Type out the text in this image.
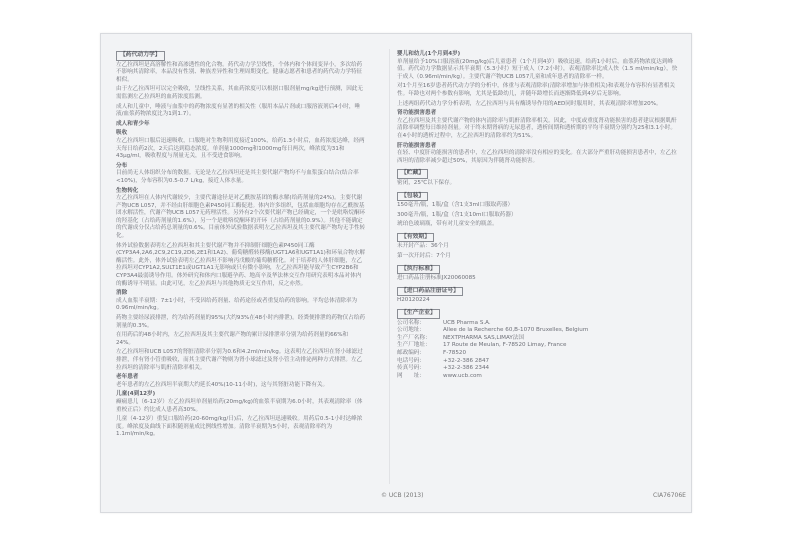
【药代动力学】

左乙拉西坦是高溶解性和高渗透性的化合物。药代动力学呈线性，个体内和个体间变异小，多次给药不影响其清除率，本品没有性别、种族差异性和生理周期变化，健康志愿者和患者的药代动力学特征相似。

由于左乙拉西坦可以完全吸收，呈线性关系，其血药浓度可以根据口服剂量mg/kg进行预测，因此无需监测左乙拉西坦的血药浓度监测。

成人和儿童中，唾液与血浆中的药物浓度有显著的相关性（服用本品片剂或口服溶液剂后4小时，唾液/血浆药物浓度比为1到1.7）。

成人和青少年
吸收

左乙拉西坦口服后迅速吸收，口服绝对生物利用度接近100%，给药1.3小时后，血药浓度达峰，经两天每日给药2次，2天后达到稳态浓度。单剂量1000mg和1000mg每日两次，峰浓度为31和43μg/ml，吸收程度与剂量无关，且不受进食影响。

分布

目前尚无人体组织分布的数据。无论是左乙拉西坦还是其主要代谢产物均不与血浆蛋白结合(结合率<10%)，分布容积为0.5-0.7 L/kg，接近人体水量。

生物转化

左乙拉西坦在人体内代谢较少，主要代谢途径是对乙酰胺基团的酶水解(给药剂量的24%)。主要代谢产物UCB L057，并不经由肝细胞色素P450同工酶促进。体内许多组织，包括血细胞均存在乙酰胺基团水解活性，代谢产物UCB L057无药理活性。另外有2个次要代谢产物已经确定，一个是吡咯烷酮环的羟基化（占给药剂量的1.6%），另一个是吡咯烷酮环的开环（占给药剂量的0.9%）。其他不能确定的代谢成分仅占给药总剂量的0.6%。目前体外试验数据表明左乙拉西坦及其主要代谢产物均无手性转化。

体外试验数据表明左乙拉西坦和其主要代谢产物并不抑制肝细胞色素P450同工酶(CYP3A4,2A6,2C9,2C19,2D6,2E1和1A2)、葡萄糖醛转移酶(UGT1A6和UGT1A1)和环氧合物水解酶活性。此外，体外试验表明左乙拉西坦不影响丙戊酸的葡萄糖醛化。对于培养的人体肝细胞，左乙拉西坦对CYP1A2,SULT1E1或UGT1A1无影响或只有微小影响，左乙拉西坦能导致产生CYP2B6和CYP3A4最弱诱导作用。体外研究和体内口服避孕药、地高辛及华法林交互作用研究表明本品对体内的酶诱导不明显。由此可见，左乙拉西坦与其他物质无交互作用，反之亦然。

消除

成人血浆半衰期：7±1小时，不受因给药剂量、给药途径或者重复给药的影响。平均总体清除率为0.96ml/min/kg。

药物主要经尿液排泄，约为给药剂量的95%(大约93%在48小时内排泄)。经粪便排泄的药物仅占给药剂量的0.3%。

在用药后的48小时内，左乙拉西坦及其主要代谢产物的累计尿排泄率分别为给药剂量的66%和24%。

左乙拉西坦和UCB L057的肾脏清除率分别为0.6和4.2ml/min/kg。这表明左乙拉西坦在肾小球滤过排泄，伴有肾小管重吸收，而其主要代谢产物则为肾小球滤过及肾小管主动排泌两种方式排泄。左乙拉西坦的清除率与肌酐清除率相关。

老年患者

老年患者的左乙拉西坦半衰期大约延长40%(10-11小时)，这与其肾脏功能下降有关。

儿童(4到12岁)

癫痫患儿（6-12岁）左乙拉西坦单剂量给药(20mg/kg)的血浆半衰期为6.0小时，其表观清除率（体重校正后）约比成人患者高30%。

儿童（4-12岁）重复口服给药(20-60mg/kg/日)后，左乙拉西坦迅速吸收。用药后0.5-1小时达峰浓度。峰浓度及曲线下面积随剂量成比例线性增加。清除半衰期为5小时，表观清除率约为1.1ml/min/kg。

婴儿和幼儿(1个月到4岁)

单剂量给予10%口服溶液(20mg/kg)后儿童患者（1个月到4岁）吸收迅速，给药1小时后，血浆药物浓度达到峰值。药代动力学数据显示其半衰期（5.3小时）短于成人（7.2小时），表观清除率比成人快（1.5 ml/min/kg），快于成人（0.96ml/min/kg）。主要代谢产物UCB L057儿童和成年患者的清除率一样。

对1个月至16岁患者药代动力学的分析中，体重与表观清除率(清除率增加与体重相关)和表观分布容积有显著相关性。年龄也对两个参数有影响，尤其是低龄幼儿，并随年龄增长而逐渐降低到4岁后无影响。

上述两组药代动力学分析表明，左乙拉西坦与具有酶诱导作用的AED同时服用时，其表观清除率增加20%。

肾功能损害患者

左乙拉西坦及其主要代谢产物的体内清除率与肌酐清除率相关。因此，中度或重度肾功能损害的患者建议根据肌酐清除率调整每日维持剂量。对于终末期肾病的无尿患者，透析间期和透析期的平均半衰期分别约为25和3.1小时。在4小时的透析过程中，左乙拉西坦的清除率约为51%。

肝功能损害患者

在轻、中度肝功能损害的患者中，左乙拉西坦的清除率没有相应的变化。在大部分严重肝功能损害患者中，左乙拉西坦的清除率减少超过50%，其原因为伴随肾功能损害。

【贮藏】

密闭，25℃以下保存。

【包装】

150毫升/瓶，1瓶/盒（含1支3ml口服取药器）

300毫升/瓶，1瓶/盒（含1支10ml口服取药器）

琥珀色玻璃瓶，带有对儿童安全的瓶盖。

【有效期】

未开封产品：36个月

第一次开封后：7个月

【执行标准】

进口药品注册标准JX20060085

【进口药品注册证号】

H20120224

【生产企业】
公司名称：	UCB Pharma S.A.
公司地址：	Allee de la Recherche 60,B-1070 Bruxelles, Belgium
生产厂名称：	NEXTPHARMA SAS,LIMAY法国
生产厂地址：	17 Route de Meulan, F-78520 Limay, France
邮政编码：	F-78520
电话号码：	+32-2-386 2847
传真号码：	+32-2-386 2344
网　　址：	www.ucb.com
© UCB (2013)	CIA76706E
